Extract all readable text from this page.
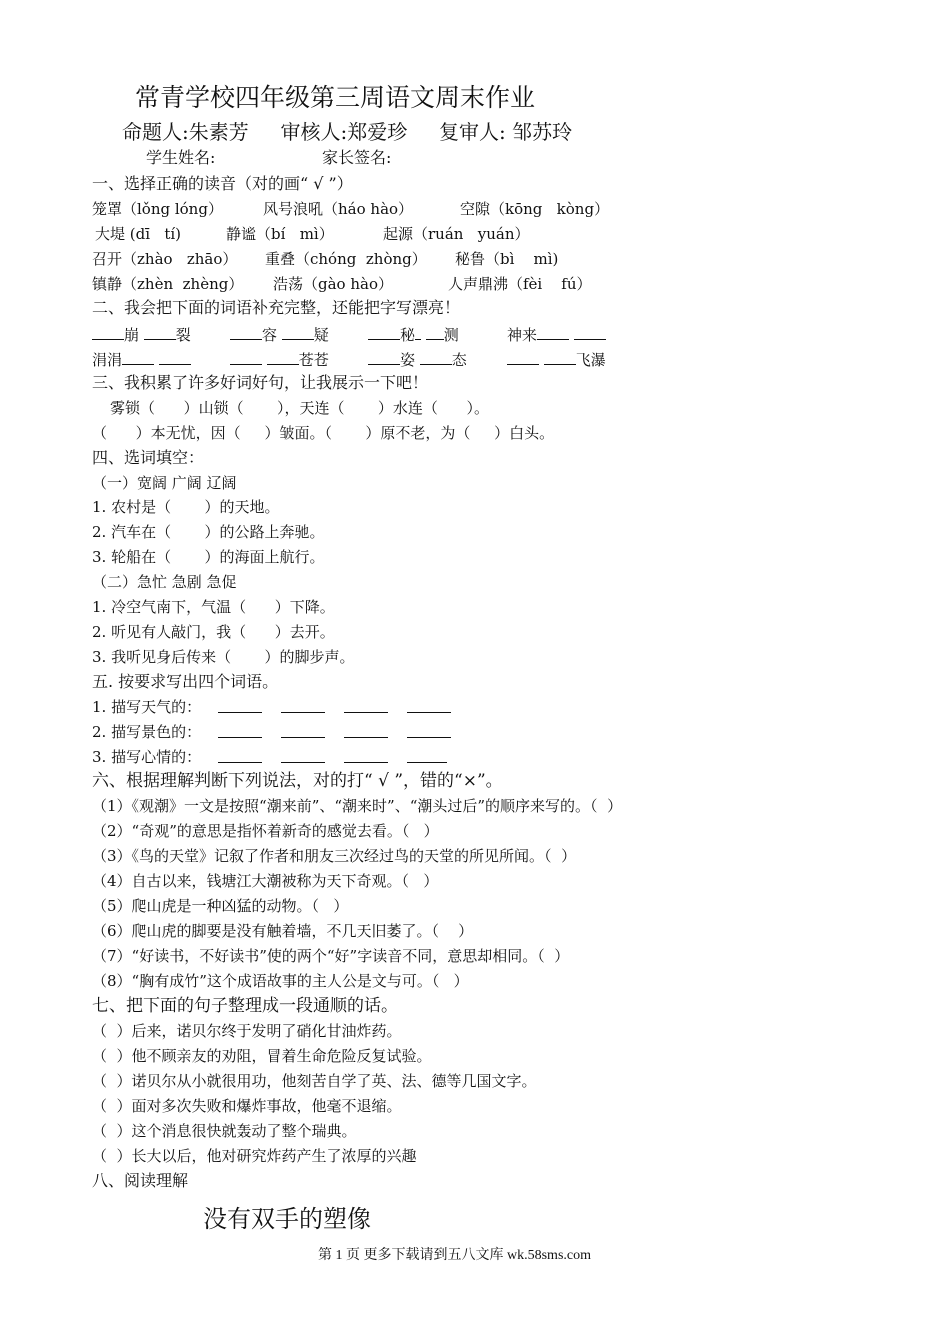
常青学校四年级第三周语文周末作业
命题人:朱素芳     审核人:郑爱珍     复审人: 邹苏玲
学生姓名:	家长签名:
一、选择正确的读音（对的画“ √ ”）
笼罩（lǒng lóng）	风号浪吼（háo hào）	空隙（kōng   kòng）
大堤 (dī   tí)	静谧（bí   mì）	起源（ruán   yuán）
召开（zhào   zhāo） 重叠（chóng  zhòng） 秘鲁（bì    mì)
镇静（zhèn  zhèng） 浩荡（gào hào）	人声鼎沸（fèi    fú）
二、我会把下面的词语补充完整，还能把字写漂亮！
崩 裂	容 疑	秘 测	神来
涓涓	苍苍	姿 态	飞瀑
三、我积累了许多好词好句，让我展示一下吧！
雾锁（      ）山锁（       ），天连（       ）水连（      ）。
（      ）本无忧，因（     ）皱面。（       ）原不老，为（     ）白头。
四、选词填空：
（一）宽阔 广阔 辽阔
1. 农村是（       ）的天地。
2. 汽车在（       ）的公路上奔驰。
3. 轮船在（       ）的海面上航行。
（二）急忙 急剧 急促
1. 冷空气南下，气温（      ）下降。
2. 听见有人敲门，我（      ）去开。
3. 我听见身后传来（       ）的脚步声。
五. 按要求写出四个词语。
1. 描写天气的：
2. 描写景色的：
3. 描写心情的：

六、根据理解判断下列说法，对的打“ √ ”，错的“×”。
（1）《观潮》一文是按照“潮来前”、“潮来时”、“潮头过后”的顺序来写的。（  ）
（2）“奇观”的意思是指怀着新奇的感觉去看。（   ）
（3）《鸟的天堂》记叙了作者和朋友三次经过鸟的天堂的所见所闻。（  ）
（4）自古以来，钱塘江大潮被称为天下奇观。（   ）
（5）爬山虎是一种凶猛的动物。（   ）
（6）爬山虎的脚要是没有触着墙，不几天旧萎了。（    ）
（7）“好读书，不好读书”使的两个“好”字读音不同，意思却相同。（  ）
（8）“胸有成竹”这个成语故事的主人公是文与可。（   ）
七、把下面的句子整理成一段通顺的话。
（  ）后来，诺贝尔终于发明了硝化甘油炸药。
（  ）他不顾亲友的劝阻，冒着生命危险反复试验。
（  ）诺贝尔从小就很用功，他刻苦自学了英、法、德等几国文字。
（  ）面对多次失败和爆炸事故，他毫不退缩。
（  ）这个消息很快就轰动了整个瑞典。
（  ）长大以后，他对研究炸药产生了浓厚的兴趣
八、阅读理解
没有双手的塑像
第 1 页 更多下载请到五八文库 wk.58sms.com
